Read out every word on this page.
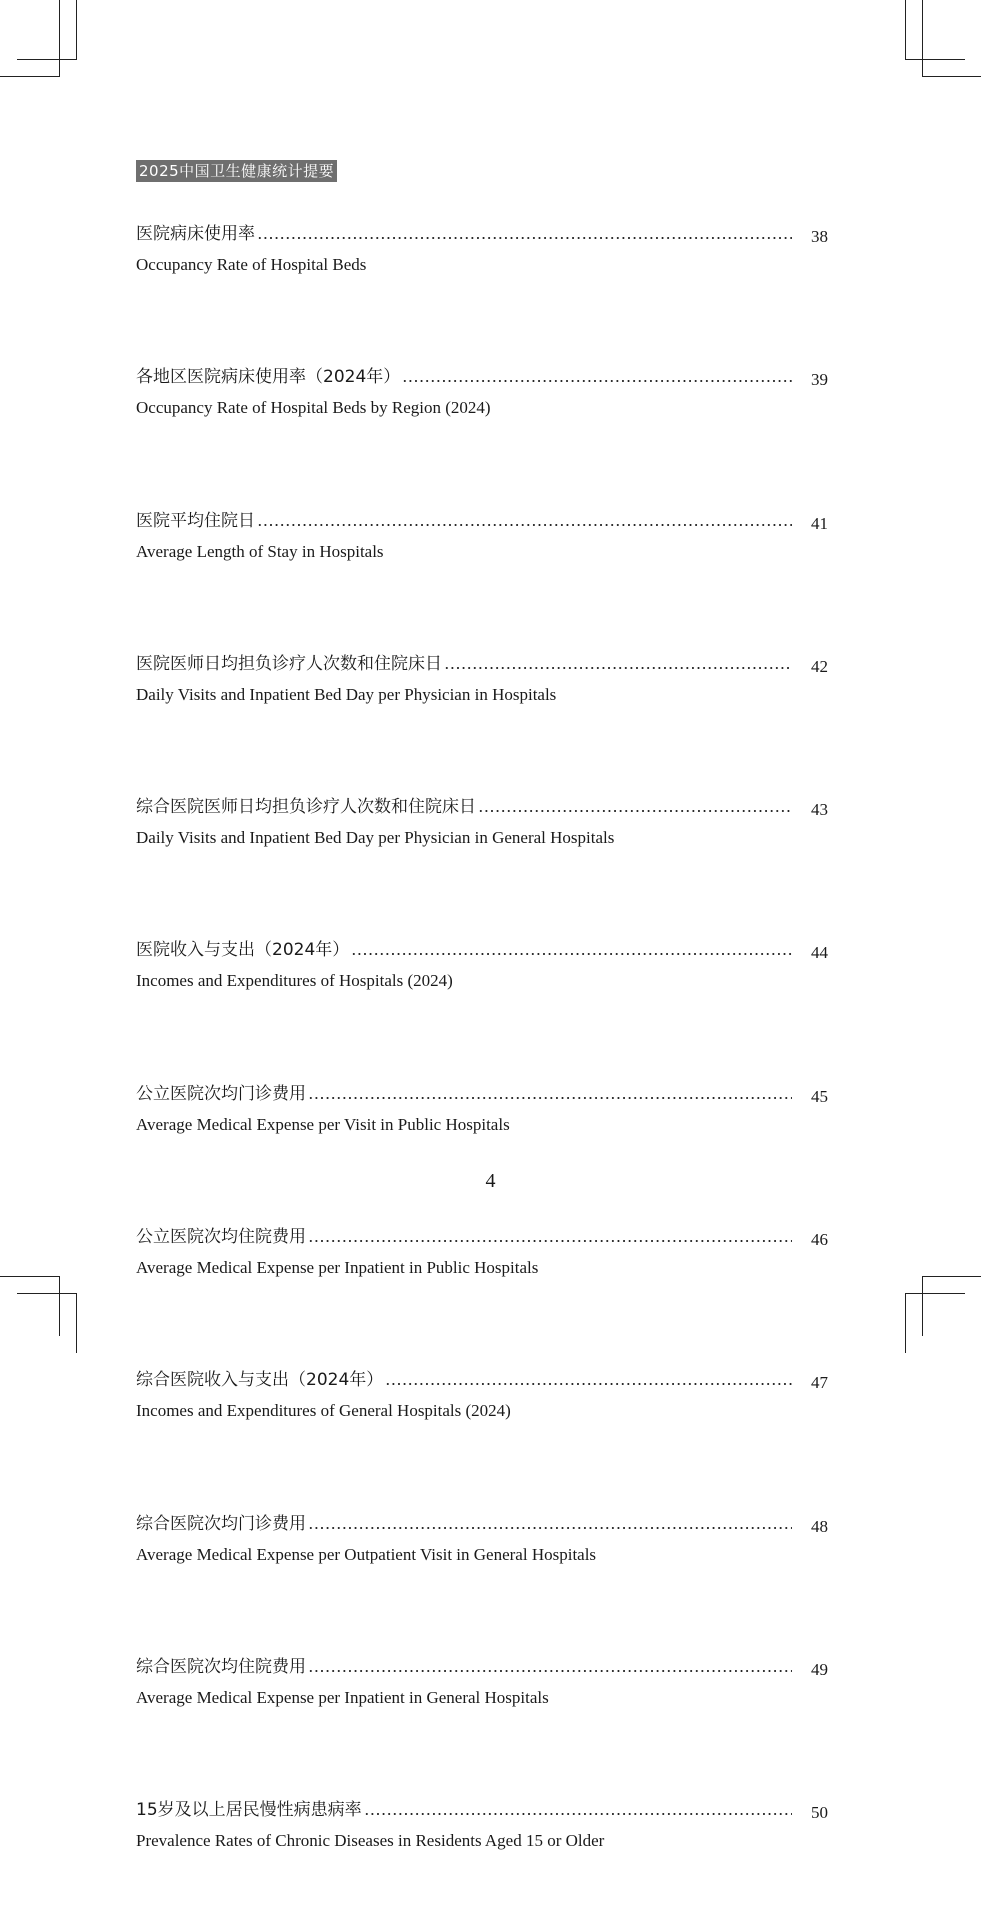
2025中国卫生健康统计提要
医院病床使用率	38
Occupancy Rate of Hospital Beds
各地区医院病床使用率（2024年）	39
Occupancy Rate of Hospital Beds by Region (2024)
医院平均住院日	41
Average Length of Stay in Hospitals
医院医师日均担负诊疗人次数和住院床日	42
Daily Visits and Inpatient Bed Day per Physician in Hospitals
综合医院医师日均担负诊疗人次数和住院床日	43
Daily Visits and Inpatient Bed Day per Physician in General Hospitals
医院收入与支出（2024年）	44
Incomes and Expenditures of Hospitals (2024)
公立医院次均门诊费用	45
Average Medical Expense per Visit in Public Hospitals
公立医院次均住院费用	46
Average Medical Expense per Inpatient in Public Hospitals
综合医院收入与支出（2024年）	47
Incomes and Expenditures of General Hospitals (2024)
综合医院次均门诊费用	48
Average Medical Expense per Outpatient Visit in General Hospitals
综合医院次均住院费用	49
Average Medical Expense per Inpatient in General Hospitals
15岁及以上居民慢性病患病率	50
Prevalence Rates of Chronic Diseases in Residents Aged 15 or Older
4
